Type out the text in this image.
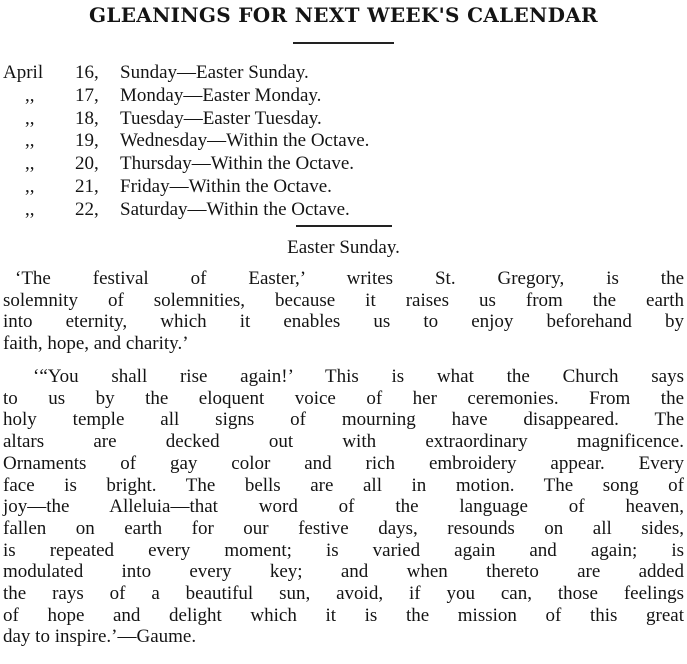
GLEANINGS FOR NEXT WEEK'S CALENDAR
April	16,	Sunday—Easter Sunday.
,,	17,	Monday—Easter Monday.
,,	18,	Tuesday—Easter Tuesday.
,,	19,	Wednesday—Within the Octave.
,,	20,	Thursday—Within the Octave.
,,	21,	Friday—Within the Octave.
,,	22,	Saturday—Within the Octave.
Easter Sunday.
‘The festival of Easter,’ writes St. Gregory, is the
solemnity of solemnities, because it raises us from the earth
into eternity, which it enables us to enjoy beforehand by
faith, hope, and charity.’
‘“You shall rise again!’ This is what the Church says
to us by the eloquent voice of her ceremonies. From the
holy temple all signs of mourning have disappeared. The
altars are decked out with extraordinary magnificence.
Ornaments of gay color and rich embroidery appear. Every
face is bright. The bells are all in motion. The song of
joy—the Alleluia—that word of the language of heaven,
fallen on earth for our festive days, resounds on all sides,
is repeated every moment; is varied again and again; is
modulated into every key; and when thereto are added
the rays of a beautiful sun, avoid, if you can, those feelings
of hope and delight which it is the mission of this great
day to inspire.’—Gaume.
